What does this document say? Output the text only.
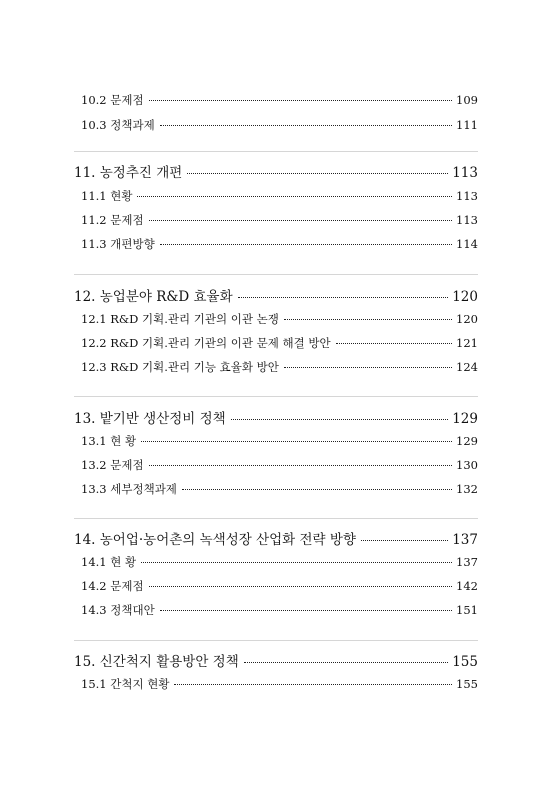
10.2 문제점	109
10.3 정책과제	111
11. 농정추진 개편	113
11.1 현황	113
11.2 문제점	113
11.3 개편방향	114
12. 농업분야 R&D 효율화	120
12.1 R&D 기획.관리 기관의 이관 논쟁	120
12.2 R&D 기획.관리 기관의 이관 문제 해결 방안	121
12.3 R&D 기획.관리 기능 효율화 방안	124
13. 밭기반 생산정비 정책	129
13.1 현 황	129
13.2 문제점	130
13.3 세부정책과제	132
14. 농어업·농어촌의 녹색성장 산업화 전략 방향	137
14.1 현 황	137
14.2 문제점	142
14.3 정책대안	151
15. 신간척지 활용방안 정책	155
15.1 간척지 현황	155
